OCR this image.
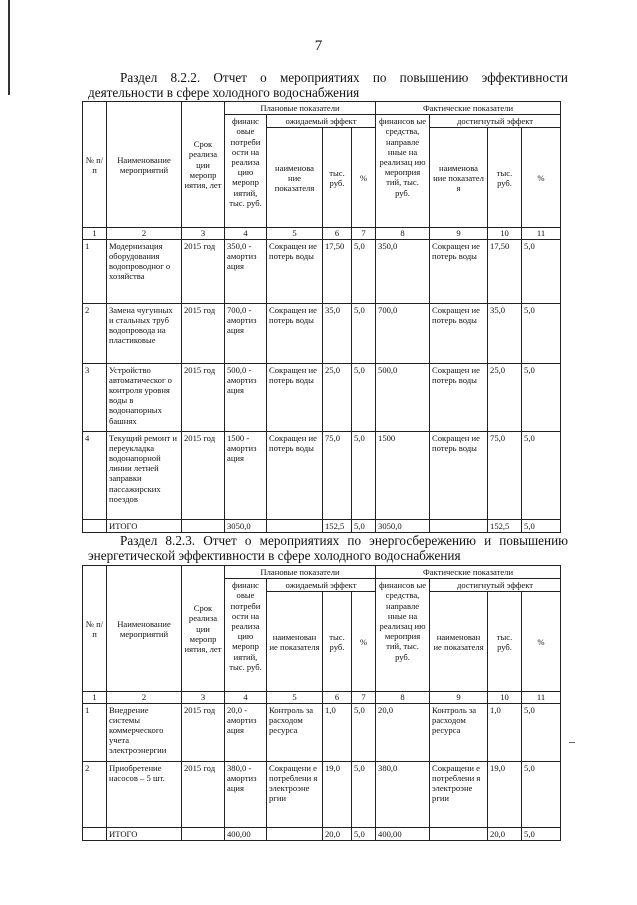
7
Раздел 8.2.2. Отчет о мероприятиях по повышению эффективности
деятельности в сфере холодного водоснабжения
№ п/п	Наименование мероприятий	Срок реализа ции меропр иятия, лет	Плановые показатели				Фактические показатели			
			финанс овые потреби ости на реализа цию меропр иятий, тыс. руб.	ожидаемый эффект			финансов ые средства, направле нные на реализац ию мероприя тий, тыс. руб.	достигнутый эффект		
				наименова ние показателя	тыс. руб.	%		наименова ние показател я	тыс. руб.	%
1	2	3	4	5	6	7	8	9	10	11
1	Модернизация оборудования водопроводног о хозяйства	2015 год	350,0 - амортиз ация	Сокращен ие потерь воды	17,50	5,0	350,0	Сокращен ие потерь воды	17,50	5,0
2	Замена чугунных и стальных труб водопровода на пластиковые	2015 год	700,0 - амортиз ация	Сокращен ие потерь воды	35,0	5,0	700,0	Сокращен ие потерь воды	35,0	5,0
3	Устройство автоматическог о контроля уровня воды в водонапорных башнях	2015 год	500,0 - амортиз ация	Сокращен ие потерь воды	25,0	5,0	500,0	Сокращен ие потерь воды	25,0	5,0
4	Текущий ремонт и переукладка водонапорной линии летней заправки пассажирских поездов	2015 год	1500 - амортиз ация	Сокращен ие потерь воды	75,0	5,0	1500	Сокращен ие потерь воды	75,0	5,0
	ИТОГО		3050,0		152,5	5,0	3050,0		152,5	5,0
Раздел 8.2.3. Отчет о мероприятиях по энергосбережению и повышению
энергетической эффективности в сфере холодного водоснабжения
№ п/п	Наименование мероприятий	Срок реализа ции меропр иятия, лет	Плановые показатели				Фактические показатели			
			финанс овые потреби ости на реализа цию меропр иятий, тыс. руб.	ожидаемый эффект			финансов ые средства, направле нные на реализац ию мероприя тий, тыс. руб.	достигнутый эффект		
				наименован ие показателя	тыс. руб.	%		наименован ие показателя	тыс. руб.	%
1	2	3	4	5	6	7	8	9	10	11
1	Внедрение системы коммерческого учета электроэнергии	2015 год	20,0 - амортиз ация	Контроль за расходом ресурса	1,0	5,0	20,0	Контроль за расходом ресурса	1,0	5,0
2	Приобретение насосов – 5 шт.	2015 год	380,0 - амортиз ация	Сокращени е потреблени я электроэне ргии	19,0	5,0	380,0	Сокращени е потреблени я электроэне ргии	19,0	5,0
	ИТОГО		400,00		20,0	5,0	400,00		20,0	5,0
